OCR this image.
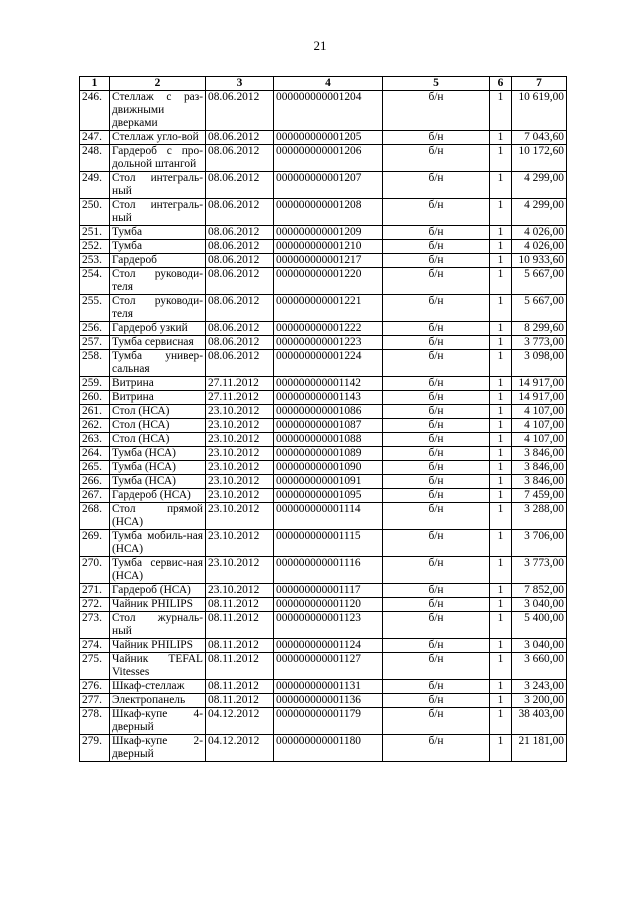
21
1	2	3	4	5	6	7
246.	Стеллаж с раз-движными дверками	08.06.2012	000000000001204	б/н	1	10 619,00
247.	Стеллаж угло-вой	08.06.2012	000000000001205	б/н	1	7 043,60
248.	Гардероб с про-дольной штангой	08.06.2012	000000000001206	б/н	1	10 172,60
249.	Стол интеграль-ный	08.06.2012	000000000001207	б/н	1	4 299,00
250.	Стол интеграль-ный	08.06.2012	000000000001208	б/н	1	4 299,00
251.	Тумба	08.06.2012	000000000001209	б/н	1	4 026,00
252.	Тумба	08.06.2012	000000000001210	б/н	1	4 026,00
253.	Гардероб	08.06.2012	000000000001217	б/н	1	10 933,60
254.	Стол руководи-теля	08.06.2012	000000000001220	б/н	1	5 667,00
255.	Стол руководи-теля	08.06.2012	000000000001221	б/н	1	5 667,00
256.	Гардероб узкий	08.06.2012	000000000001222	б/н	1	8 299,60
257.	Тумба сервисная	08.06.2012	000000000001223	б/н	1	3 773,00
258.	Тумба универ-сальная	08.06.2012	000000000001224	б/н	1	3 098,00
259.	Витрина	27.11.2012	000000000001142	б/н	1	14 917,00
260.	Витрина	27.11.2012	000000000001143	б/н	1	14 917,00
261.	Стол (НСА)	23.10.2012	000000000001086	б/н	1	4 107,00
262.	Стол (НСА)	23.10.2012	000000000001087	б/н	1	4 107,00
263.	Стол (НСА)	23.10.2012	000000000001088	б/н	1	4 107,00
264.	Тумба (НСА)	23.10.2012	000000000001089	б/н	1	3 846,00
265.	Тумба (НСА)	23.10.2012	000000000001090	б/н	1	3 846,00
266.	Тумба (НСА)	23.10.2012	000000000001091	б/н	1	3 846,00
267.	Гардероб (НСА)	23.10.2012	000000000001095	б/н	1	7 459,00
268.	Стол прямой (НСА)	23.10.2012	000000000001114	б/н	1	3 288,00
269.	Тумба мобиль-ная (НСА)	23.10.2012	000000000001115	б/н	1	3 706,00
270.	Тумба сервис-ная (НСА)	23.10.2012	000000000001116	б/н	1	3 773,00
271.	Гардероб (НСА)	23.10.2012	000000000001117	б/н	1	7 852,00
272.	Чайник PHILIPS	08.11.2012	000000000001120	б/н	1	3 040,00
273.	Стол журналь-ный	08.11.2012	000000000001123	б/н	1	5 400,00
274.	Чайник PHILIPS	08.11.2012	000000000001124	б/н	1	3 040,00
275.	Чайник TEFAL Vitesses	08.11.2012	000000000001127	б/н	1	3 660,00
276.	Шкаф-стеллаж	08.11.2012	000000000001131	б/н	1	3 243,00
277.	Электропанель	08.11.2012	000000000001136	б/н	1	3 200,00
278.	Шкаф-купе 4-дверный	04.12.2012	000000000001179	б/н	1	38 403,00
279.	Шкаф-купе 2-дверный	04.12.2012	000000000001180	б/н	1	21 181,00
